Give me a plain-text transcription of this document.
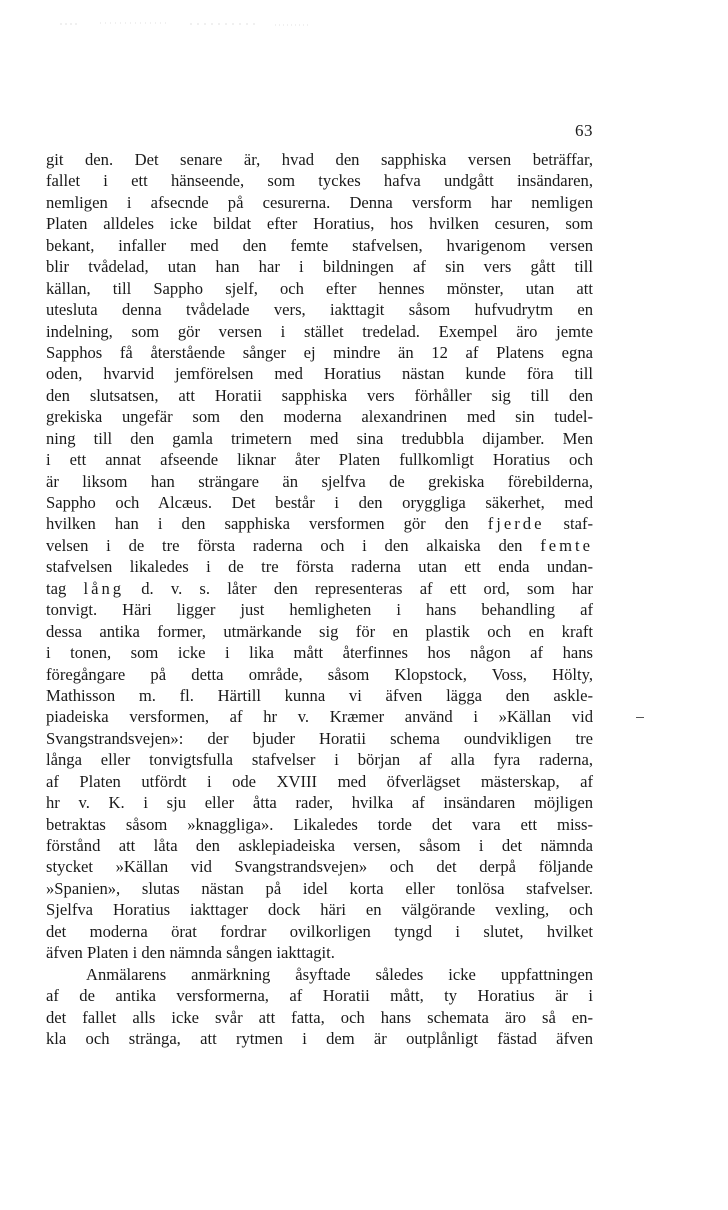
63
git den. Det senare är, hvad den sapphiska versen beträffar,
fallet i ett hänseende, som tyckes hafva undgått insändaren,
nemligen i afsecnde på cesurerna. Denna versform har nemligen
Platen alldeles icke bildat efter Horatius, hos hvilken cesuren, som
bekant, infaller med den femte stafvelsen, hvarigenom versen
blir tvådelad, utan han har i bildningen af sin vers gått till
källan, till Sappho sjelf, och efter hennes mönster, utan att
utesluta denna tvådelade vers, iakttagit såsom hufvudrytm en
indelning, som gör versen i stället tredelad. Exempel äro jemte
Sapphos få återstående sånger ej mindre än 12 af Platens egna
oden, hvarvid jemförelsen med Horatius nästan kunde föra till
den slutsatsen, att Horatii sapphiska vers förhåller sig till den
grekiska ungefär som den moderna alexandrinen med sin tudel-
ning till den gamla trimetern med sina tredubbla dijamber. Men
i ett annat afseende liknar åter Platen fullkomligt Horatius och
är liksom han strängare än sjelfva de grekiska förebilderna,
Sappho och Alcæus. Det består i den oryggliga säkerhet, med
hvilken han i den sapphiska versformen gör den fjerde staf-
velsen i de tre första raderna och i den alkaiska den femte
stafvelsen likaledes i de tre första raderna utan ett enda undan-
tag lång d. v. s. låter den representeras af ett ord, som har
tonvigt. Häri ligger just hemligheten i hans behandling af
dessa antika former, utmärkande sig för en plastik och en kraft
i tonen, som icke i lika mått återfinnes hos någon af hans
föregångare på detta område, såsom Klopstock, Voss, Hölty,
Mathisson m. fl. Härtill kunna vi äfven lägga den askle-
piadeiska versformen, af hr v. Kræmer använd i »Källan vid
Svangstrandsvejen»: der bjuder Horatii schema oundvikligen tre
långa eller tonvigtsfulla stafvelser i början af alla fyra raderna,
af Platen utfördt i ode XVIII med öfverlägset mästerskap, af
hr v. K. i sju eller åtta rader, hvilka af insändaren möjligen
betraktas såsom »knaggliga». Likaledes torde det vara ett miss-
förstånd att låta den asklepiadeiska versen, såsom i det nämnda
stycket »Källan vid Svangstrandsvejen» och det derpå följande
»Spanien», slutas nästan på idel korta eller tonlösa stafvelser.
Sjelfva Horatius iakttager dock häri en välgörande vexling, och
det moderna örat fordrar ovilkorligen tyngd i slutet, hvilket
äfven Platen i den nämnda sången iakttagit.
Anmälarens anmärkning åsyftade således icke uppfattningen
af de antika versformerna, af Horatii mått, ty Horatius är i
det fallet alls icke svår att fatta, och hans schemata äro så en-
kla och stränga, att rytmen i dem är outplånligt fästad äfven
